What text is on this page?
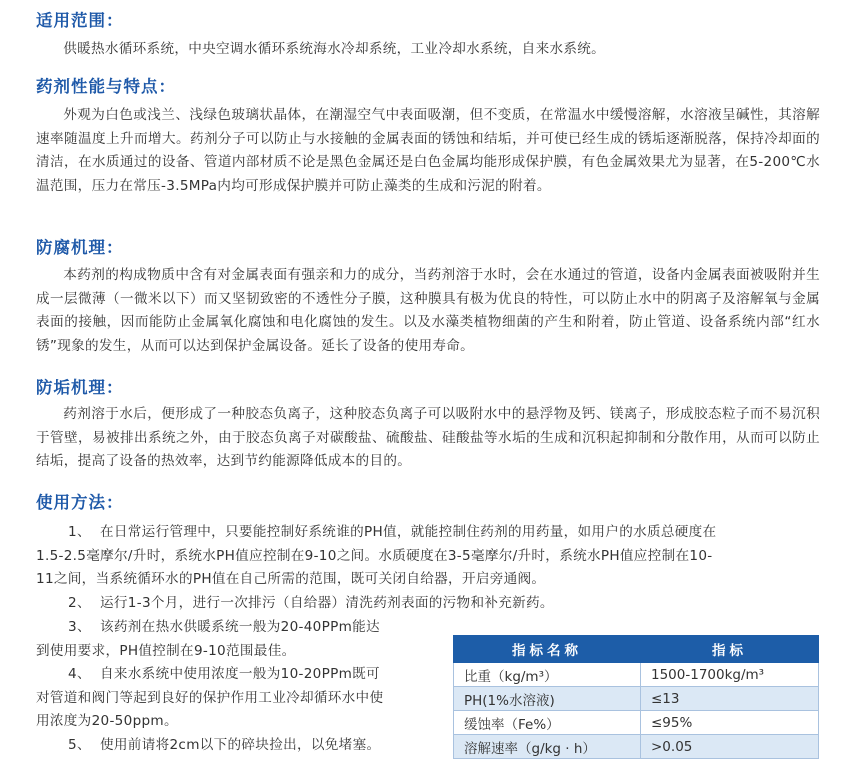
适用范围：

供暖热水循环系统，中央空调水循环系统海水冷却系统，工业冷却水系统，自来水系统。

药剂性能与特点：

外观为白色或浅兰、浅绿色玻璃状晶体，在潮湿空气中表面吸潮，但不变质，在常温水中缓慢溶解，水溶液呈碱性，其溶解速率随温度上升而增大。药剂分子可以防止与水接触的金属表面的锈蚀和结垢，并可使已经生成的锈垢逐渐脱落，保持冷却面的清洁，在水质通过的设备、管道内部材质不论是黑色金属还是白色金属均能形成保护膜，有色金属效果尤为显著，在5-200℃水温范围，压力在常压-3.5MPa内均可形成保护膜并可防止藻类的生成和污泥的附着。

防腐机理：

本药剂的构成物质中含有对金属表面有强亲和力的成分，当药剂溶于水时，会在水通过的管道，设备内金属表面被吸附并生成一层微薄（一微米以下）而又坚韧致密的不透性分子膜，这种膜具有极为优良的特性，可以防止水中的阴离子及溶解氧与金属表面的接触，因而能防止金属氧化腐蚀和电化腐蚀的发生。以及水藻类植物细菌的产生和附着，防止管道、设备系统内部“红水锈”现象的发生，从而可以达到保护金属设备。延长了设备的使用寿命。

防垢机理：

药剂溶于水后，便形成了一种胶态负离子，这种胶态负离子可以吸附水中的悬浮物及钙、镁离子，形成胶态粒子而不易沉积于管壁，易被排出系统之外，由于胶态负离子对碳酸盐、硫酸盐、硅酸盐等水垢的生成和沉积起抑制和分散作用，从而可以防止结垢，提高了设备的热效率，达到节约能源降低成本的目的。

使用方法：
1、 在日常运行管理中，只要能控制好系统谁的PH值，就能控制住药剂的用药量，如用户的水质总硬度在
1.5-2.5毫摩尔/升时，系统水PH值应控制在9-10之间。水质硬度在3-5毫摩尔/升时，系统水PH值应控制在10-
11之间，当系统循环水的PH值在自己所需的范围，既可关闭自给器，开启旁通阀。
2、 运行1-3个月，进行一次排污（自给器）清洗药剂表面的污物和补充新药。
3、 该药剂在热水供暖系统一般为20-40PPm能达
到使用要求，PH值控制在9-10范围最佳。
4、 自来水系统中使用浓度一般为10-20PPm既可
对管道和阀门等起到良好的保护作用工业冷却循环水中使
用浓度为20-50ppm。
5、 使用前请将2cm以下的碎块捡出，以免堵塞。
指标名称	指标
比重（kg/m³）	1500-1700kg/m³
PH(1%水溶液)	≤13
缓蚀率（Fe%）	≤95%
溶解速率（g/kg · h）	>0.05
